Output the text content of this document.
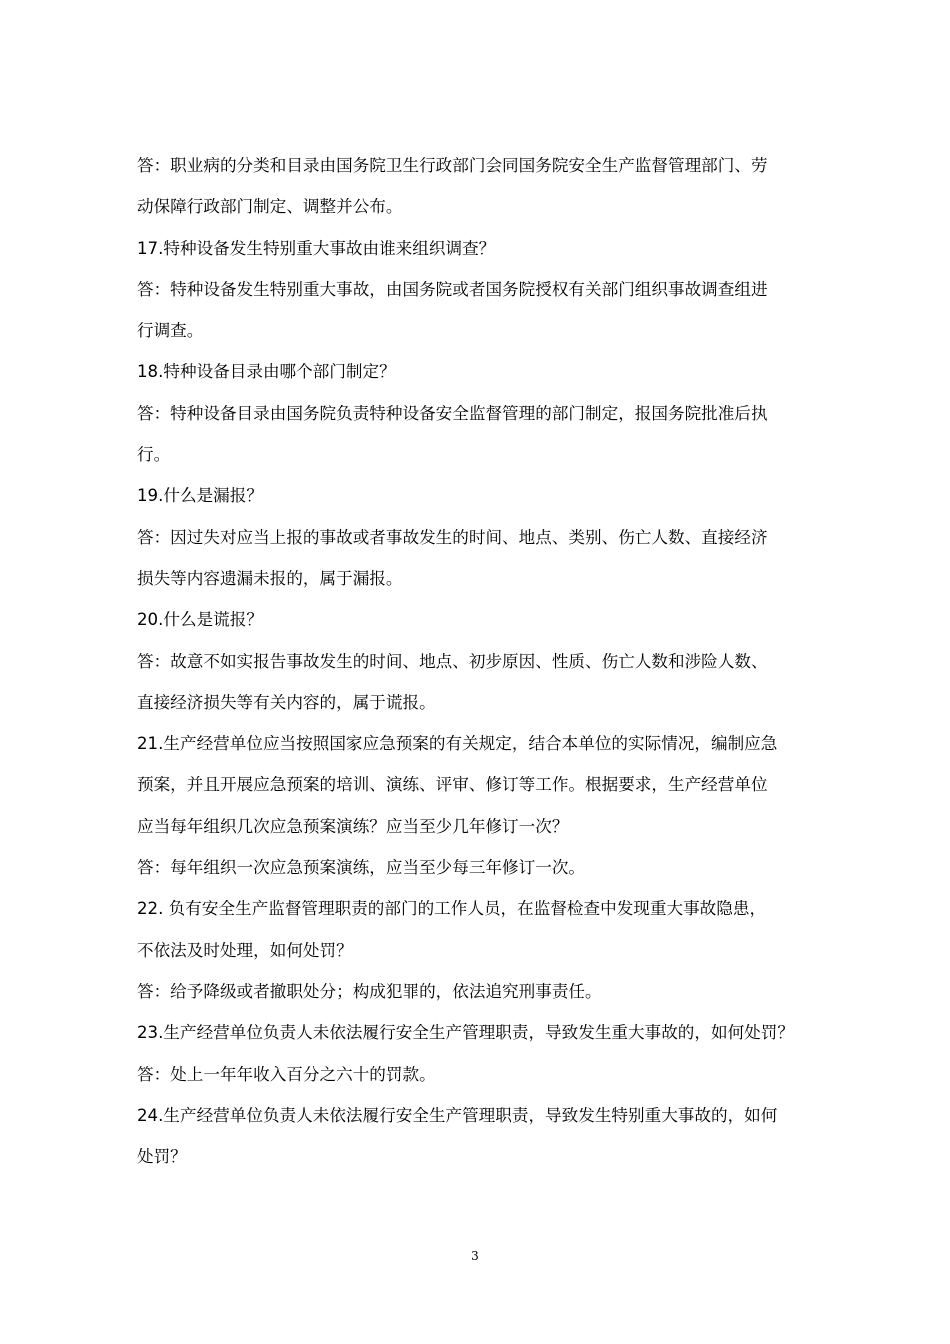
答：职业病的分类和目录由国务院卫生行政部门会同国务院安全生产监督管理部门、劳
动保障行政部门制定、调整并公布。
17.特种设备发生特别重大事故由谁来组织调查？
答：特种设备发生特别重大事故，由国务院或者国务院授权有关部门组织事故调查组进
行调查。
18.特种设备目录由哪个部门制定？
答：特种设备目录由国务院负责特种设备安全监督管理的部门制定，报国务院批准后执
行。
19.什么是漏报？
答：因过失对应当上报的事故或者事故发生的时间、地点、类别、伤亡人数、直接经济
损失等内容遗漏未报的，属于漏报。
20.什么是谎报？
答：故意不如实报告事故发生的时间、地点、初步原因、性质、伤亡人数和涉险人数、
直接经济损失等有关内容的，属于谎报。
21.生产经营单位应当按照国家应急预案的有关规定，结合本单位的实际情况，编制应急
预案，并且开展应急预案的培训、演练、评审、修订等工作。根据要求，生产经营单位
应当每年组织几次应急预案演练？应当至少几年修订一次？
答：每年组织一次应急预案演练，应当至少每三年修订一次。
22. 负有安全生产监督管理职责的部门的工作人员，在监督检查中发现重大事故隐患，
不依法及时处理，如何处罚？
答：给予降级或者撤职处分；构成犯罪的，依法追究刑事责任。
23.生产经营单位负责人未依法履行安全生产管理职责，导致发生重大事故的，如何处罚？
答：处上一年年收入百分之六十的罚款。
24.生产经营单位负责人未依法履行安全生产管理职责，导致发生特别重大事故的，如何
处罚？
3
